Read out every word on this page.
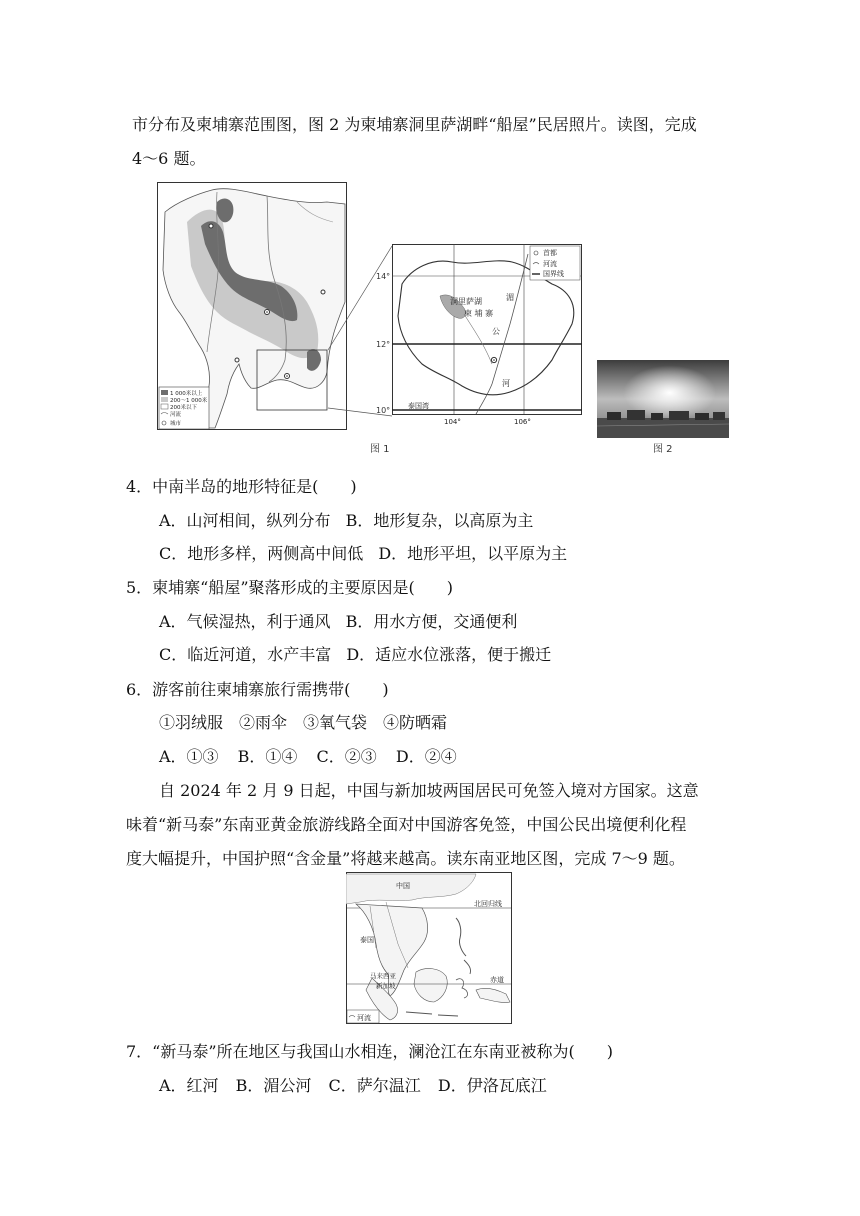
市分布及柬埔寨范围图，图 2 为柬埔寨洞里萨湖畔“船屋”民居照片。读图，完成
4～6 题。
1 000米以上
200～1 000米
200米以下
河流
城市
首都
河流
国界线
洞里萨湖
柬 埔 寨
湄
公
河
泰国湾
104°	106°
14°
12°
10°
图 1	图 2
4．中南半岛的地形特征是(　　)
A．山河相间，纵列分布 B．地形复杂，以高原为主
C．地形多样，两侧高中间低 D．地形平坦，以平原为主
5．柬埔寨“船屋”聚落形成的主要原因是(　　)
A．气候湿热，利于通风 B．用水方便，交通便利
C．临近河道，水产丰富 D．适应水位涨落，便于搬迁
6．游客前往柬埔寨旅行需携带(　　)
①羽绒服　②雨伞　③氧气袋　④防晒霜
A．①③ B．①④ C．②③ D．②④
自 2024 年 2 月 9 日起，中国与新加坡两国居民可免签入境对方国家。这意
味着“新马泰”东南亚黄金旅游线路全面对中国游客免签，中国公民出境便利化程
度大幅提升，中国护照“含金量”将越来越高。读东南亚地区图，完成 7～9 题。
河流
中国
北回归线
泰国
马来西亚
新加坡
赤道
7．“新马泰”所在地区与我国山水相连，澜沧江在东南亚被称为(　　)
A．红河 B．湄公河 C．萨尔温江 D．伊洛瓦底江
